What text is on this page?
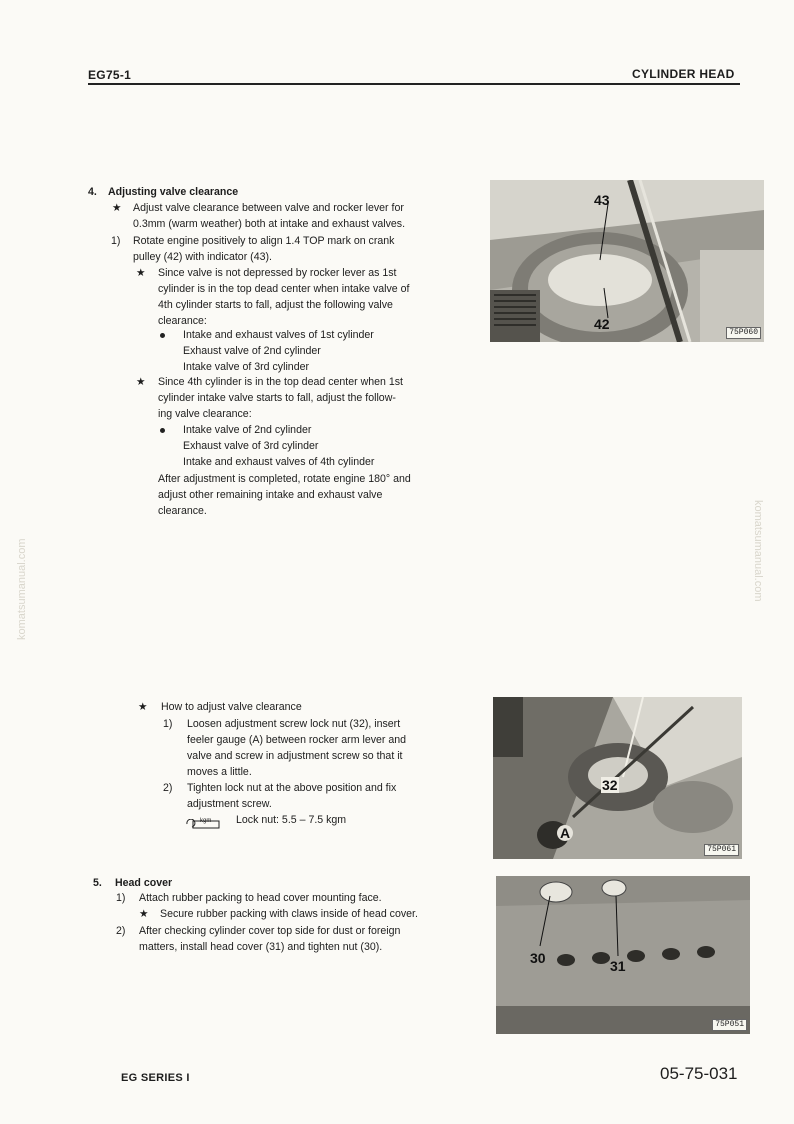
EG75-1	CYLINDER HEAD
komatsumanual.com	komatsumanual.com
4. Adjusting valve clearance
★ Adjust valve clearance between valve and rocker lever for
0.3mm (warm weather) both at intake and exhaust valves.
1) Rotate engine positively to align 1.4 TOP mark on crank
pulley (42) with indicator (43).
★ Since valve is not depressed by rocker lever as 1st
cylinder is in the top dead center when intake valve of
4th cylinder starts to fall, adjust the following valve
clearance:
Intake and exhaust valves of 1st cylinder
Exhaust valve of 2nd cylinder
Intake valve of 3rd cylinder
★ Since 4th cylinder is in the top dead center when 1st
cylinder intake valve starts to fall, adjust the follow-
ing valve clearance:
Intake valve of 2nd cylinder
Exhaust valve of 3rd cylinder
Intake and exhaust valves of 4th cylinder
After adjustment is completed, rotate engine 180° and
adjust other remaining intake and exhaust valve
clearance.
43
42
75P060
★ How to adjust valve clearance
1) Loosen adjustment screw lock nut (32), insert
feeler gauge (A) between rocker arm lever and
valve and screw in adjustment screw so that it
moves a little.
2) Tighten lock nut at the above position and fix
adjustment screw.
kgm Lock nut: 5.5 – 7.5 kgm
32
A
75P061
5. Head cover
1) Attach rubber packing to head cover mounting face.
★ Secure rubber packing with claws inside of head cover.
2) After checking cylinder cover top side for dust or foreign
matters, install head cover (31) and tighten nut (30).
30	31
75P051
EG SERIES I	05-75-031
